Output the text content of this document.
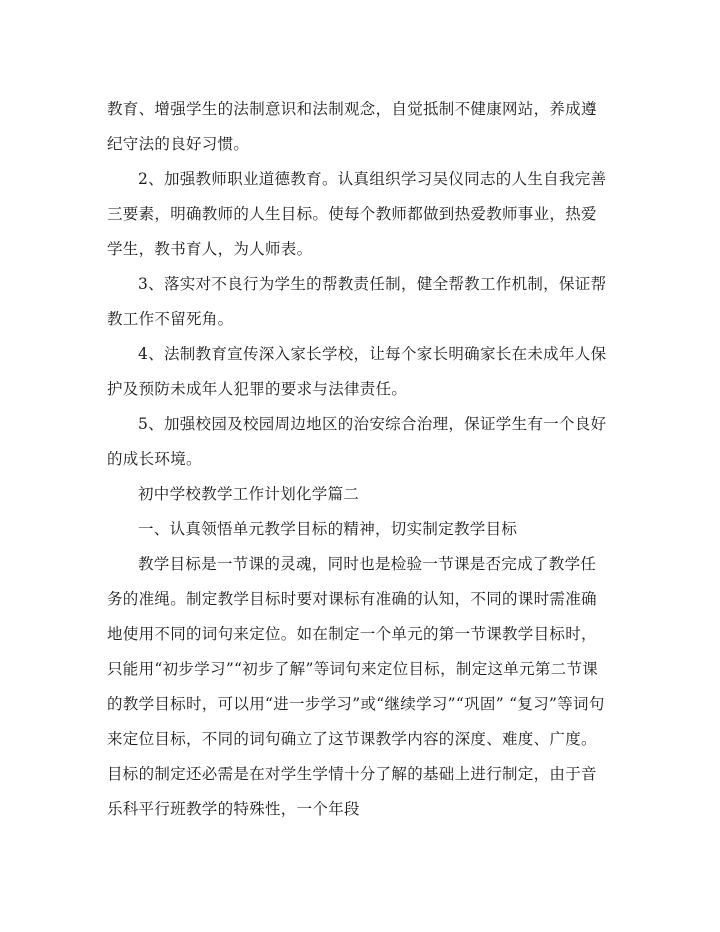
教育、增强学生的法制意识和法制观念，自觉抵制不健康网站，养成遵纪守法的良好习惯。

2、加强教师职业道德教育。认真组织学习吴仪同志的人生自我完善三要素，明确教师的人生目标。使每个教师都做到热爱教师事业，热爱学生，教书育人，为人师表。

3、落实对不良行为学生的帮教责任制，健全帮教工作机制，保证帮教工作不留死角。

4、法制教育宣传深入家长学校，让每个家长明确家长在未成年人保护及预防未成年人犯罪的要求与法律责任。

5、加强校园及校园周边地区的治安综合治理，保证学生有一个良好的成长环境。

初中学校教学工作计划化学篇二

一、认真领悟单元教学目标的精神，切实制定教学目标

教学目标是一节课的灵魂，同时也是检验一节课是否完成了教学任务的准绳。制定教学目标时要对课标有准确的认知，不同的课时需准确地使用不同的词句来定位。如在制定一个单元的第一节课教学目标时，只能用“初步学习”“初步了解”等词句来定位目标，制定这单元第二节课的教学目标时，可以用“进一步学习”或“继续学习”“巩固” “复习”等词句来定位目标，不同的词句确立了这节课教学内容的深度、难度、广度。目标的制定还必需是在对学生学情十分了解的基础上进行制定，由于音乐科平行班教学的特殊性，一个年段
